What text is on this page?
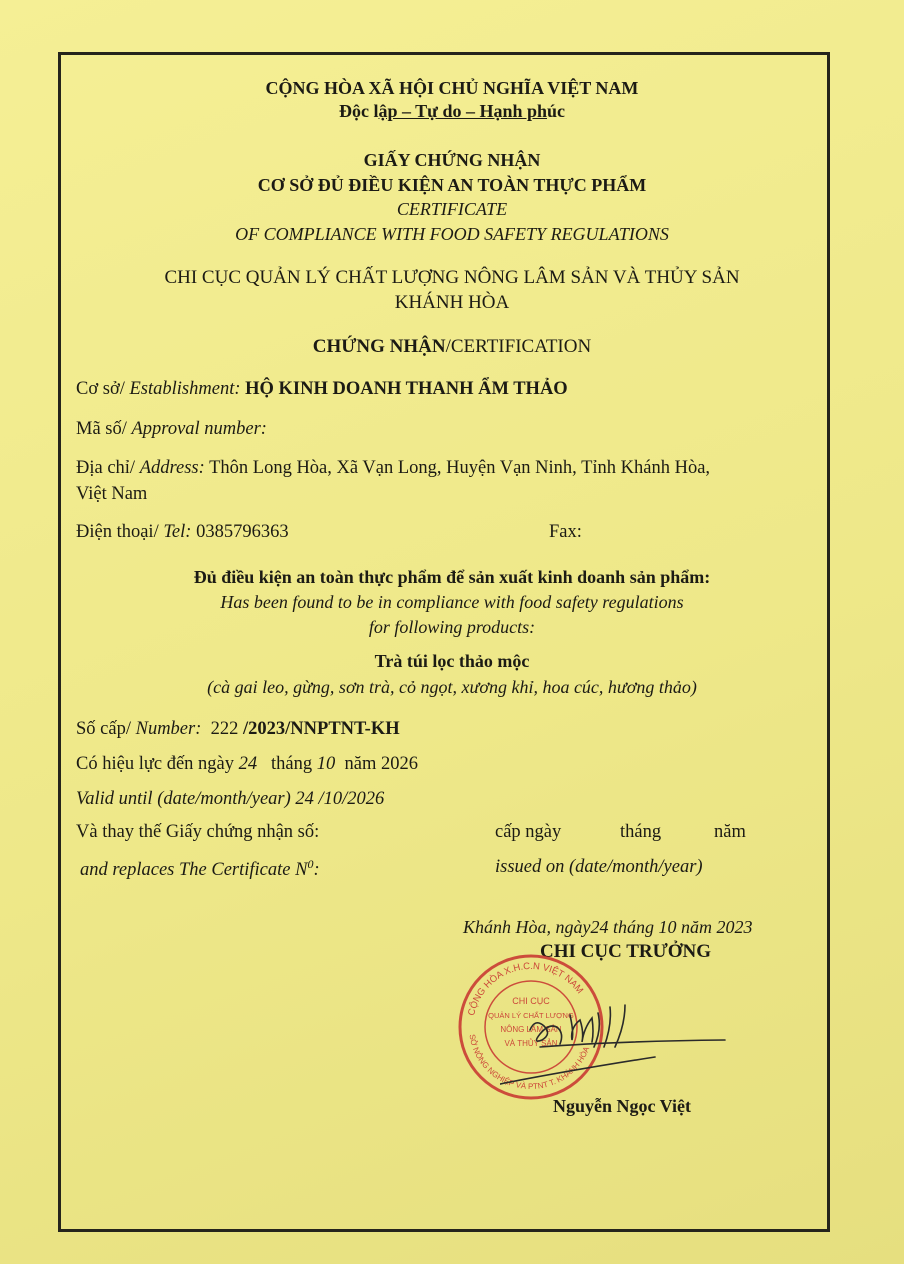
CỘNG HÒA XÃ HỘI CHỦ NGHĨA VIỆT NAM
Độc lập – Tự do – Hạnh phúc
GIẤY CHỨNG NHẬN
CƠ SỞ ĐỦ ĐIỀU KIỆN AN TOÀN THỰC PHẨM
CERTIFICATE
OF COMPLIANCE WITH FOOD SAFETY REGULATIONS
CHI CỤC QUẢN LÝ CHẤT LƯỢNG NÔNG LÂM SẢN VÀ THỦY SẢN
KHÁNH HÒA
CHỨNG NHẬN/CERTIFICATION
Cơ sở/ Establishment: HỘ KINH DOANH THANH ẨM THẢO
Mã số/ Approval number:
Địa chỉ/ Address: Thôn Long Hòa, Xã Vạn Long, Huyện Vạn Ninh, Tỉnh Khánh Hòa,
Việt Nam
Điện thoại/ Tel: 0385796363	Fax:
Đủ điều kiện an toàn thực phẩm để sản xuất kinh doanh sản phẩm:
Has been found to be in compliance with food safety regulations
for following products:
Trà túi lọc thảo mộc
(cà gai leo, gừng, sơn trà, cỏ ngọt, xương khỉ, hoa cúc, hương thảo)
Số cấp/ Number: 222 /2023/NNPTNT-KH
Có hiệu lực đến ngày 24 tháng 10 năm 2026
Valid until (date/month/year) 24 /10/2026
Và thay thế Giấy chứng nhận số:	cấp ngày	tháng	năm
and replaces The Certificate $N^0$:	issued on (date/month/year)
Khánh Hòa, ngày24 tháng 10 năm 2023
CHI CỤC TRƯỞNG
CỘNG HÒA X.H.C.N VIỆT NAM
SỞ NÔNG NGHIỆP VÀ PTNT T. KHÁNH HÒA
CHI CỤC
QUẢN LÝ CHẤT LƯỢNG
NÔNG LÂM SẢN
VÀ THỦY SẢN
Nguyễn Ngọc Việt
